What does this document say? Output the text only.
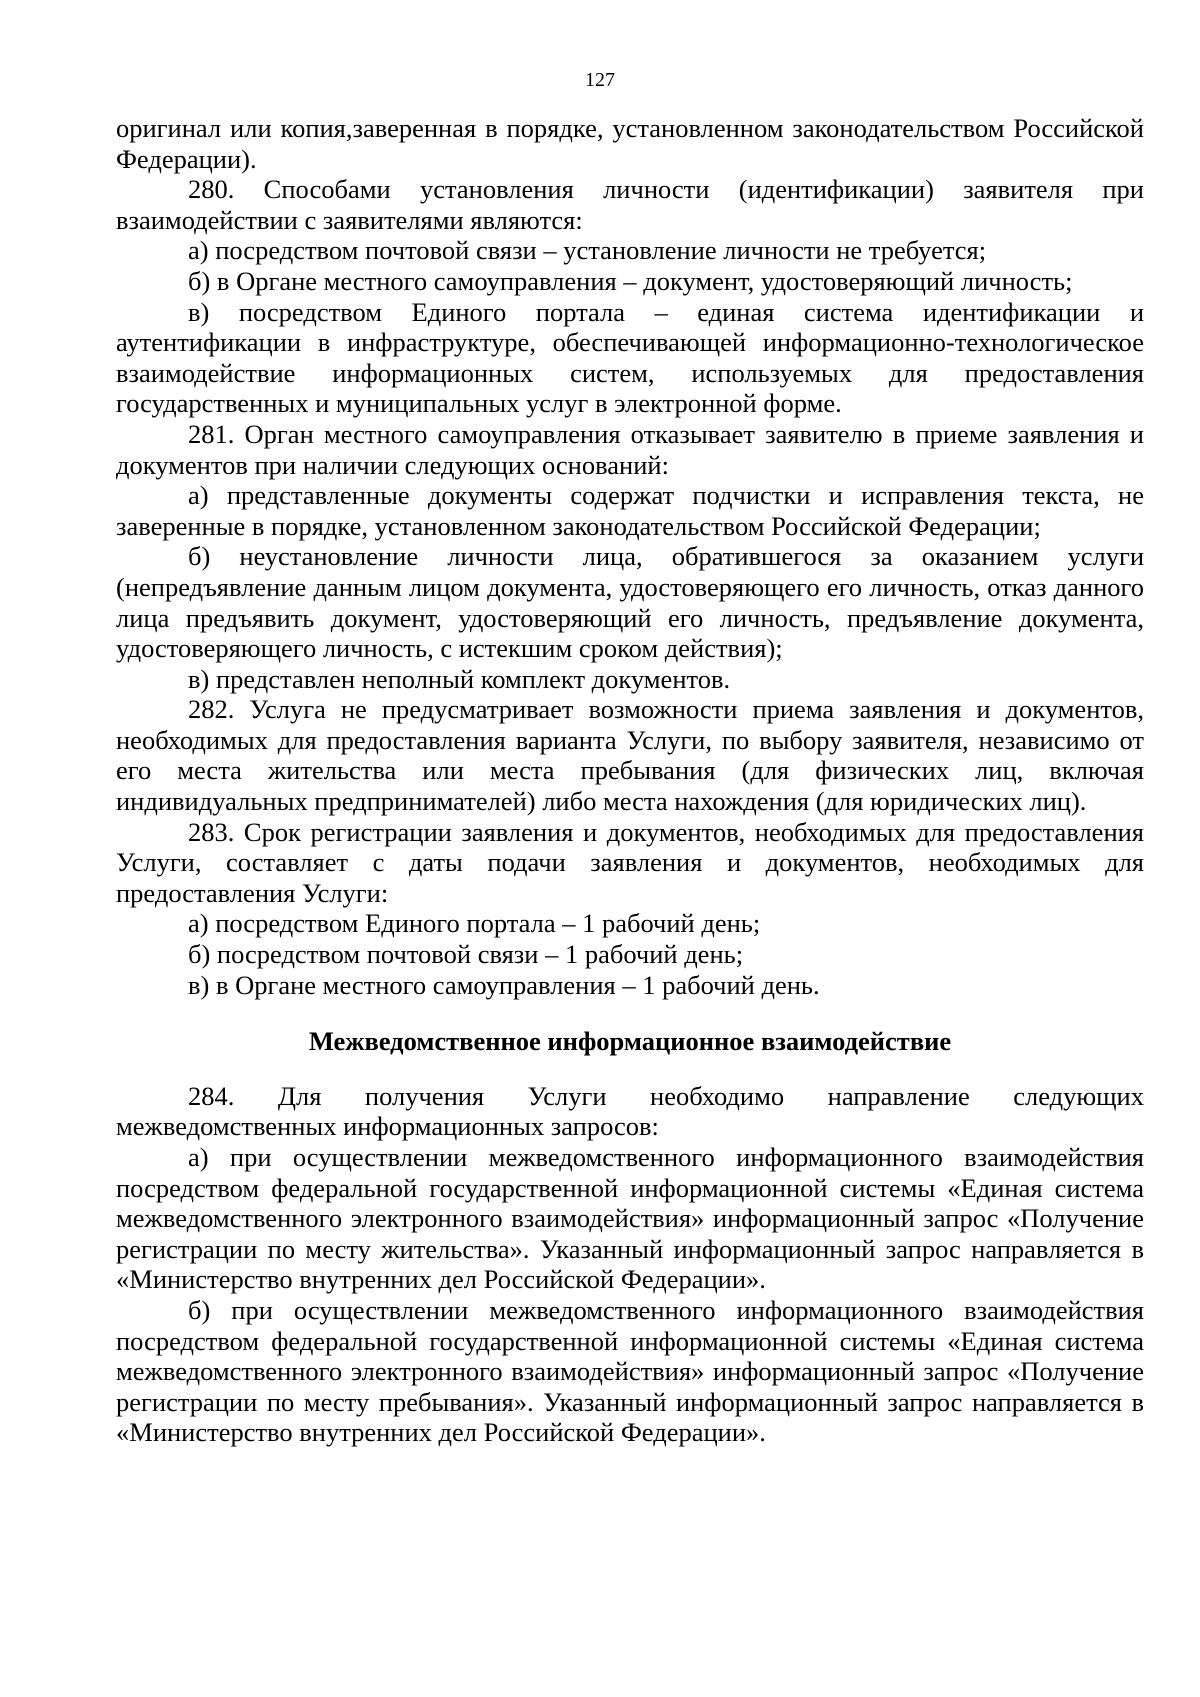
127

оригинал или копия,заверенная в порядке, установленном законодательством Российской Федерации).

280. Способами установления личности (идентификации) заявителя при взаимодействии с заявителями являются:

а) посредством почтовой связи – установление личности не требуется;

б) в Органе местного самоуправления – документ, удостоверяющий личность;

в) посредством Единого портала – единая система идентификации и аутентификации в инфраструктуре, обеспечивающей информационно-технологическое взаимодействие информационных систем, используемых для предоставления государственных и муниципальных услуг в электронной форме.

281. Орган местного самоуправления отказывает заявителю в приеме заявления и документов при наличии следующих оснований:

а) представленные документы содержат подчистки и исправления текста, не заверенные в порядке, установленном законодательством Российской Федерации;

б) неустановление личности лица, обратившегося за оказанием услуги (непредъявление данным лицом документа, удостоверяющего его личность, отказ данного лица предъявить документ, удостоверяющий его личность, предъявление документа, удостоверяющего личность, с истекшим сроком действия);

в) представлен неполный комплект документов.

282. Услуга не предусматривает возможности приема заявления и документов, необходимых для предоставления варианта Услуги, по выбору заявителя, независимо от его места жительства или места пребывания (для физических лиц, включая индивидуальных предпринимателей) либо места нахождения (для юридических лиц).

283. Срок регистрации заявления и документов, необходимых для предоставления Услуги, составляет с даты подачи заявления и документов, необходимых для предоставления Услуги:

а) посредством Единого портала – 1 рабочий день;

б) посредством почтовой связи – 1 рабочий день;

в) в Органе местного самоуправления – 1 рабочий день.

Межведомственное информационное взаимодействие

284. Для получения Услуги необходимо направление следующих межведомственных информационных запросов:

а) при осуществлении межведомственного информационного взаимодействия посредством федеральной государственной информационной системы «Единая система межведомственного электронного взаимодействия» информационный запрос «Получение регистрации по месту жительства». Указанный информационный запрос направляется в «Министерство внутренних дел Российской Федерации».

б) при осуществлении межведомственного информационного взаимодействия посредством федеральной государственной информационной системы «Единая система межведомственного электронного взаимодействия» информационный запрос «Получение регистрации по месту пребывания». Указанный информационный запрос направляется в «Министерство внутренних дел Российской Федерации».
